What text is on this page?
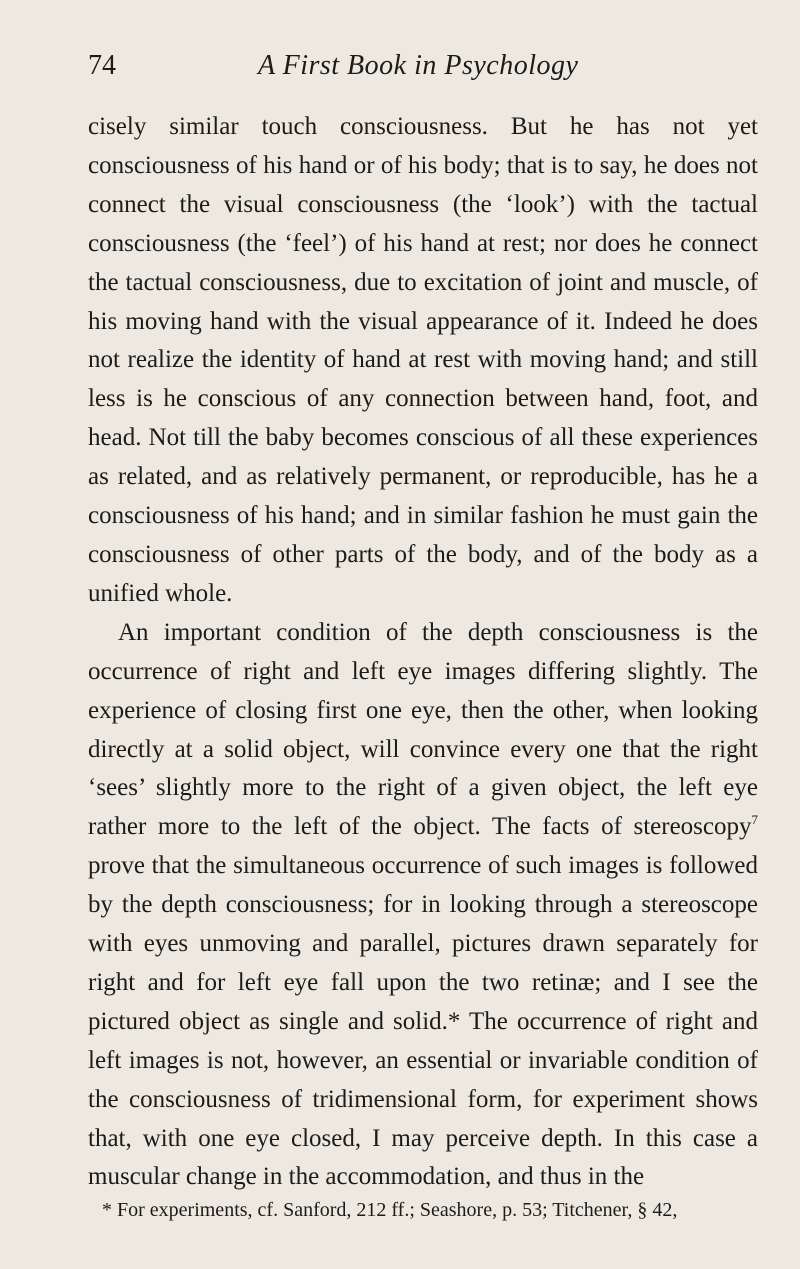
74	A First Book in Psychology

cisely similar touch consciousness. But he has not yet consciousness of his hand or of his body; that is to say, he does not connect the visual consciousness (the ‘look’) with the tactual consciousness (the ‘feel’) of his hand at rest; nor does he connect the tactual consciousness, due to excitation of joint and muscle, of his moving hand with the visual appearance of it. Indeed he does not realize the identity of hand at rest with moving hand; and still less is he conscious of any connection between hand, foot, and head. Not till the baby becomes conscious of all these experiences as related, and as relatively permanent, or reproducible, has he a consciousness of his hand; and in similar fashion he must gain the consciousness of other parts of the body, and of the body as a unified whole.

An important condition of the depth consciousness is the occurrence of right and left eye images differing slightly. The experience of closing first one eye, then the other, when looking directly at a solid object, will convince every one that the right ‘sees’ slightly more to the right of a given object, the left eye rather more to the left of the object. The facts of stereoscopy$^7$ prove that the simultaneous occurrence of such images is followed by the depth consciousness; for in looking through a stereoscope with eyes unmoving and parallel, pictures drawn separately for right and for left eye fall upon the two retinæ; and I see the pictured object as single and solid.* The occurrence of right and left images is not, however, an essential or invariable condition of the consciousness of tridimensional form, for experiment shows that, with one eye closed, I may perceive depth. In this case a muscular change in the accommodation, and thus in the

* For experiments, cf. Sanford, 212 ff.; Seashore, p. 53; Titchener, § 42,
